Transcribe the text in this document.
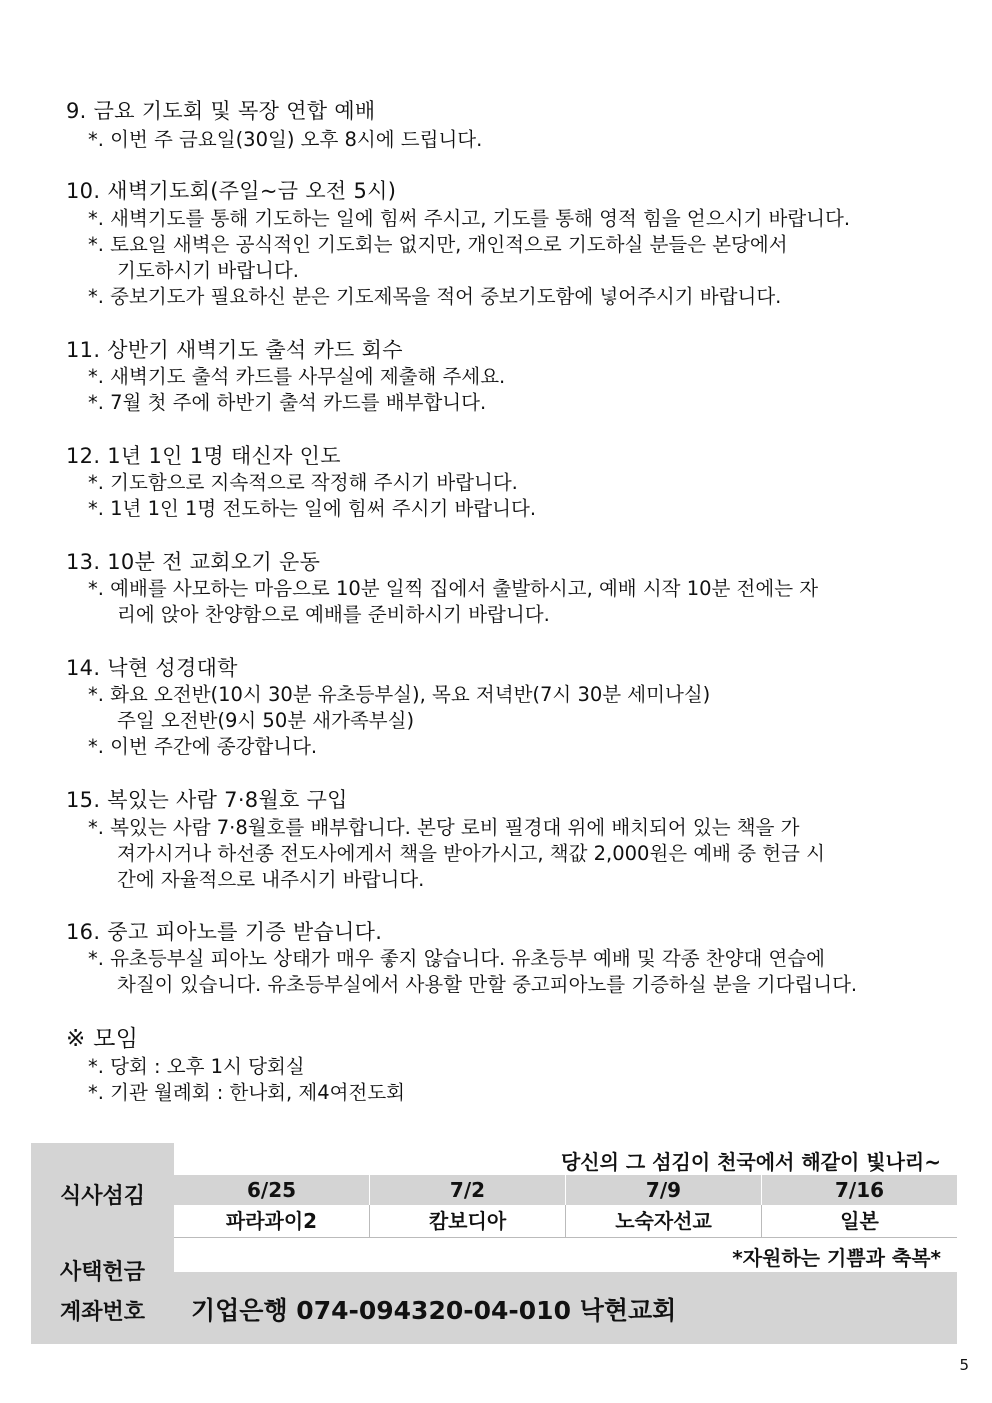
9. 금요 기도회 및 목장 연합 예배
*. 이번 주 금요일(30일) 오후 8시에 드립니다.
10. 새벽기도회(주일~금 오전 5시)
*. 새벽기도를 통해 기도하는 일에 힘써 주시고, 기도를 통해 영적 힘을 얻으시기 바랍니다.
*. 토요일 새벽은 공식적인 기도회는 없지만, 개인적으로 기도하실 분들은 본당에서
기도하시기 바랍니다.
*. 중보기도가 필요하신 분은 기도제목을 적어 중보기도함에 넣어주시기 바랍니다.
11. 상반기 새벽기도 출석 카드 회수
*. 새벽기도 출석 카드를 사무실에 제출해 주세요.
*. 7월 첫 주에 하반기 출석 카드를 배부합니다.
12. 1년 1인 1명 태신자 인도
*. 기도함으로 지속적으로 작정해 주시기 바랍니다.
*. 1년 1인 1명 전도하는 일에 힘써 주시기 바랍니다.
13. 10분 전 교회오기 운동
*. 예배를 사모하는 마음으로 10분 일찍 집에서 출발하시고, 예배 시작 10분 전에는 자
리에 앉아 찬양함으로 예배를 준비하시기 바랍니다.
14. 낙현 성경대학
*. 화요 오전반(10시 30분 유초등부실), 목요 저녁반(7시 30분 세미나실)
주일 오전반(9시 50분 새가족부실)
*. 이번 주간에 종강합니다.
15. 복있는 사람 7·8월호 구입
*. 복있는 사람 7·8월호를 배부합니다. 본당 로비 필경대 위에 배치되어 있는 책을 가
져가시거나 하선종 전도사에게서 책을 받아가시고, 책값 2,000원은 예배 중 헌금 시
간에 자율적으로 내주시기 바랍니다.
16. 중고 피아노를 기증 받습니다.
*. 유초등부실 피아노 상태가 매우 좋지 않습니다. 유초등부 예배 및 각종 찬양대 연습에
차질이 있습니다. 유초등부실에서 사용할 만할 중고피아노를 기증하실 분을 기다립니다.
※ 모임
*. 당회 : 오후 1시 당회실
*. 기관 월례회 : 한나회, 제4여전도회
당신의 그 섬김이 천국에서 해같이 빛나리~
식사섬김	6/25	7/2	7/9	7/16
파라과이2	캄보디아	노숙자선교	일본
*자원하는 기쁨과 축복*
사택헌금
계좌번호	기업은행 074-094320-04-010 낙현교회
5
